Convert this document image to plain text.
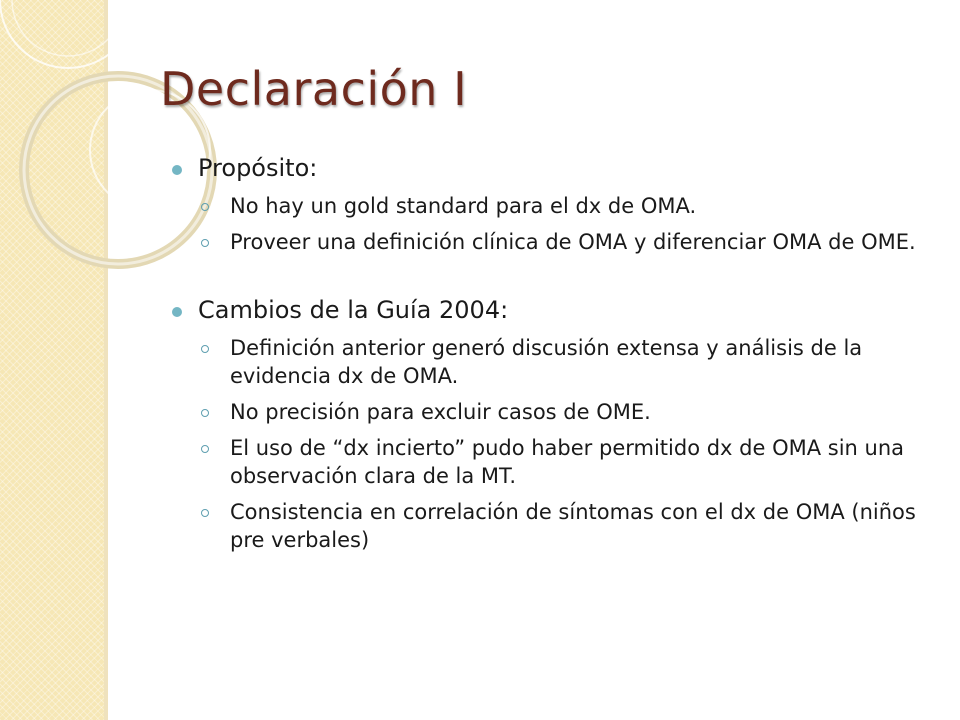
Declaración I
Propósito:
No hay un gold standard para el dx de OMA.
Proveer una definición clínica de OMA y diferenciar OMA de OME.
Cambios de la Guía 2004:
Definición anterior generó discusión extensa y análisis de la evidencia dx de OMA.
No precisión para excluir casos de OME.
El uso de “dx incierto” pudo haber permitido dx de OMA sin una observación clara de la MT.
Consistencia en correlación de síntomas con el dx de OMA (niños pre verbales)
